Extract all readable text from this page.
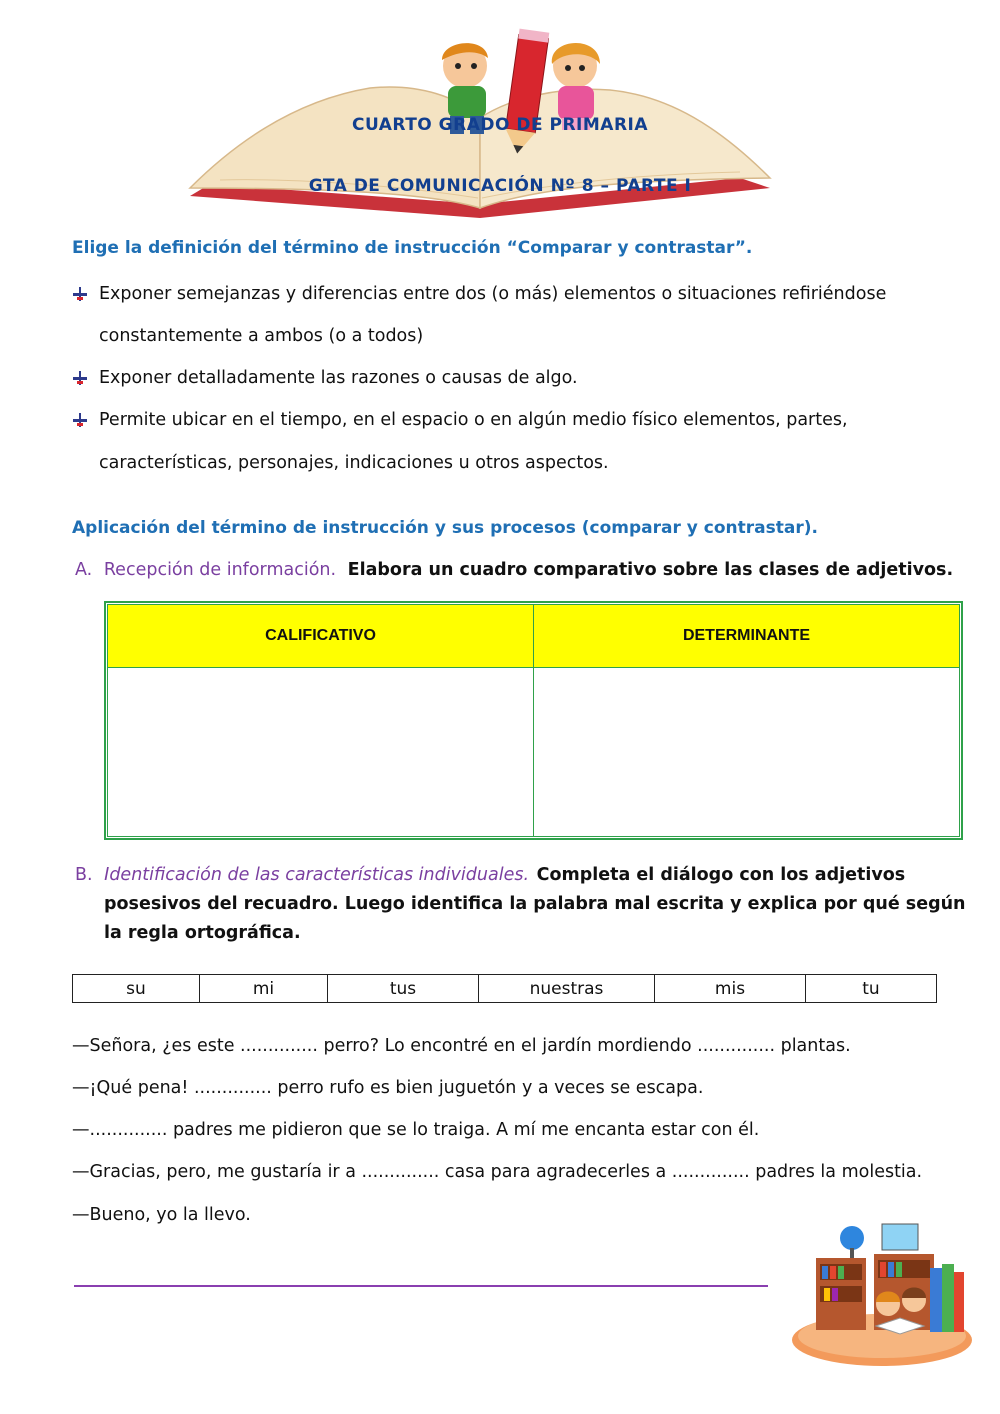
CUARTO GRADO DE PRIMARIA
GTA DE COMUNICACIÓN Nº 8 – PARTE I
Elige la definición del término de instrucción “Comparar y contrastar”.
Exponer semejanzas y diferencias entre dos (o más) elementos o situaciones refiriéndose
constantemente a ambos (o a todos)
Exponer detalladamente las razones o causas de algo.
Permite ubicar en el tiempo, en el espacio o en algún medio físico elementos, partes,
características, personajes, indicaciones u otros aspectos.
Aplicación del término de instrucción y sus procesos (comparar y contrastar).
A. Recepción de información. Elabora un cuadro comparativo sobre las clases de adjetivos.
CALIFICATIVO	DETERMINANTE

B. Identificación de las características individuales. Completa el diálogo con los adjetivos
posesivos del recuadro. Luego identifica la palabra mal escrita y explica por qué según
la regla ortográfica.
su	mi	tus	nuestras	mis	tu
—Señora, ¿es este .............. perro? Lo encontré en el jardín mordiendo .............. plantas.
—¡Qué pena! .............. perro rufo es bien juguetón y a veces se escapa.
—.............. padres me pidieron que se lo traiga. A mí me encanta estar con él.
—Gracias, pero, me gustaría ir a .............. casa para agradecerles a .............. padres la molestia.
—Bueno, yo la llevo.
